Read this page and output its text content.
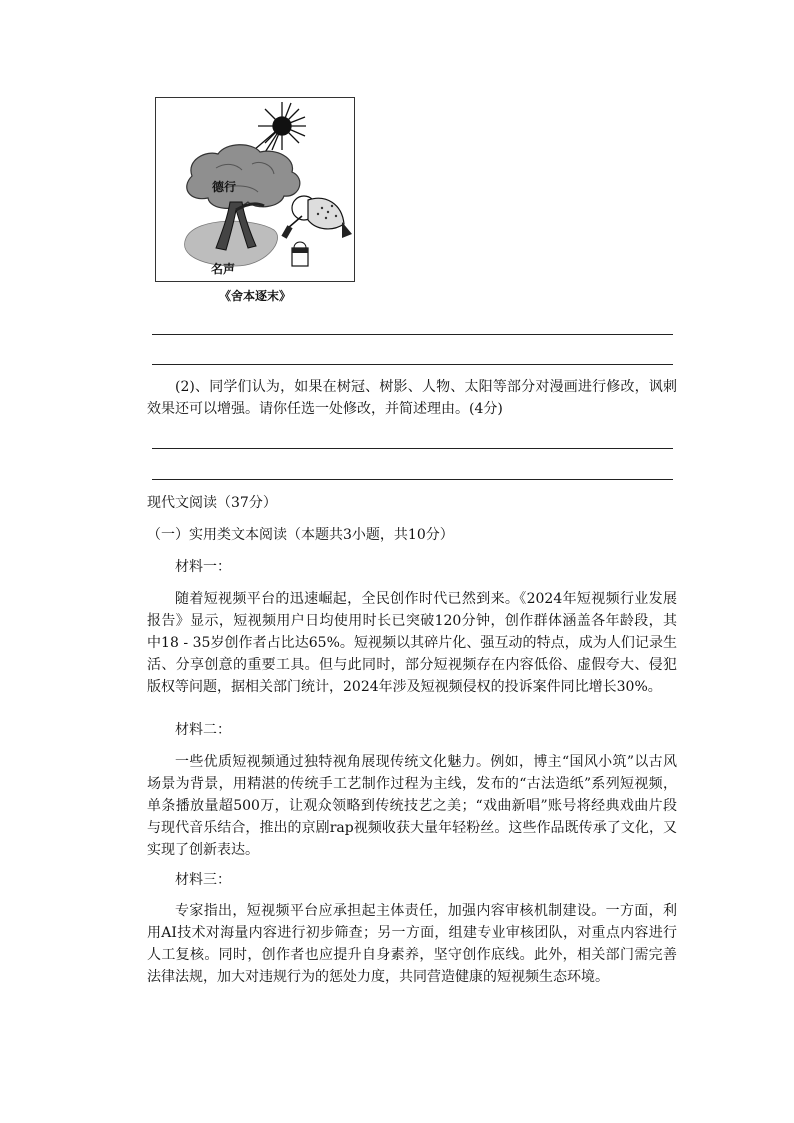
德行
名声
《舍本逐末》

(2)、同学们认为，如果在树冠、树影、人物、太阳等部分对漫画进行修改，讽刺效果还可以增强。请你任选一处修改，并简述理由。(4分)

现代文阅读（37分）

（一）实用类文本阅读（本题共3小题，共10分）

材料一：

随着短视频平台的迅速崛起，全民创作时代已然到来。《2024年短视频行业发展报告》显示，短视频用户日均使用时长已突破120分钟，创作群体涵盖各年龄段，其中18 - 35岁创作者占比达65%。短视频以其碎片化、强互动的特点，成为人们记录生活、分享创意的重要工具。但与此同时，部分短视频存在内容低俗、虚假夸大、侵犯版权等问题，据相关部门统计，2024年涉及短视频侵权的投诉案件同比增长30%。

材料二：

一些优质短视频通过独特视角展现传统文化魅力。例如，博主“国风小筑”以古风场景为背景，用精湛的传统手工艺制作过程为主线，发布的“古法造纸”系列短视频，单条播放量超500万，让观众领略到传统技艺之美；“戏曲新唱”账号将经典戏曲片段与现代音乐结合，推出的京剧rap视频收获大量年轻粉丝。这些作品既传承了文化，又实现了创新表达。

材料三：

专家指出，短视频平台应承担起主体责任，加强内容审核机制建设。一方面，利用AI技术对海量内容进行初步筛查；另一方面，组建专业审核团队，对重点内容进行人工复核。同时，创作者也应提升自身素养，坚守创作底线。此外，相关部门需完善法律法规，加大对违规行为的惩处力度，共同营造健康的短视频生态环境。
